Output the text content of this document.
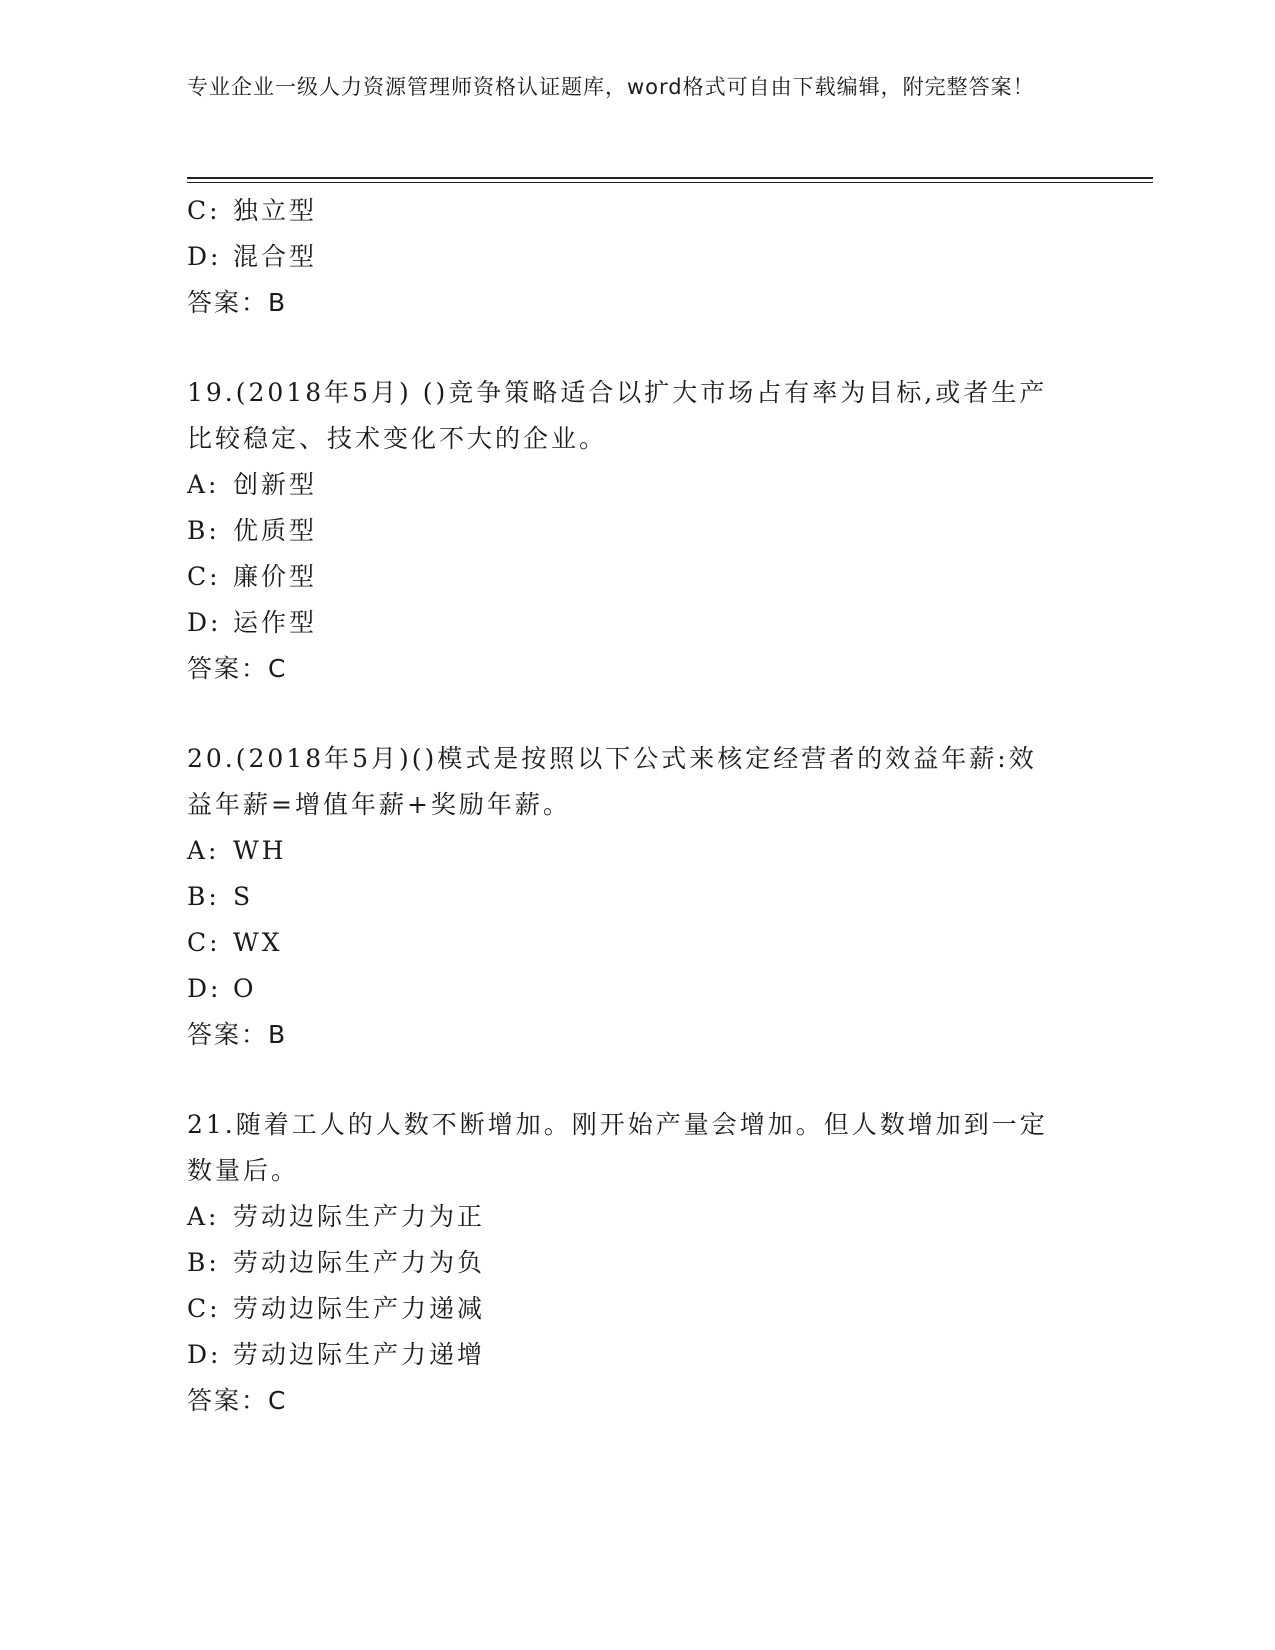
专业企业一级人力资源管理师资格认证题库，word格式可自由下载编辑，附完整答案！
C: 独立型
D: 混合型
答案：B
19.(2018年5月) ()竞争策略适合以扩大市场占有率为目标,或者生产
比较稳定、技术变化不大的企业。
A: 创新型
B: 优质型
C: 廉价型
D: 运作型
答案：C
20.(2018年5月)()模式是按照以下公式来核定经营者的效益年薪:效
益年薪=增值年薪+奖励年薪。
A: WH
B: S
C: WX
D: O
答案：B
21.随着工人的人数不断增加。刚开始产量会增加。但人数增加到一定
数量后。
A: 劳动边际生产力为正
B: 劳动边际生产力为负
C: 劳动边际生产力递减
D: 劳动边际生产力递增
答案：C
